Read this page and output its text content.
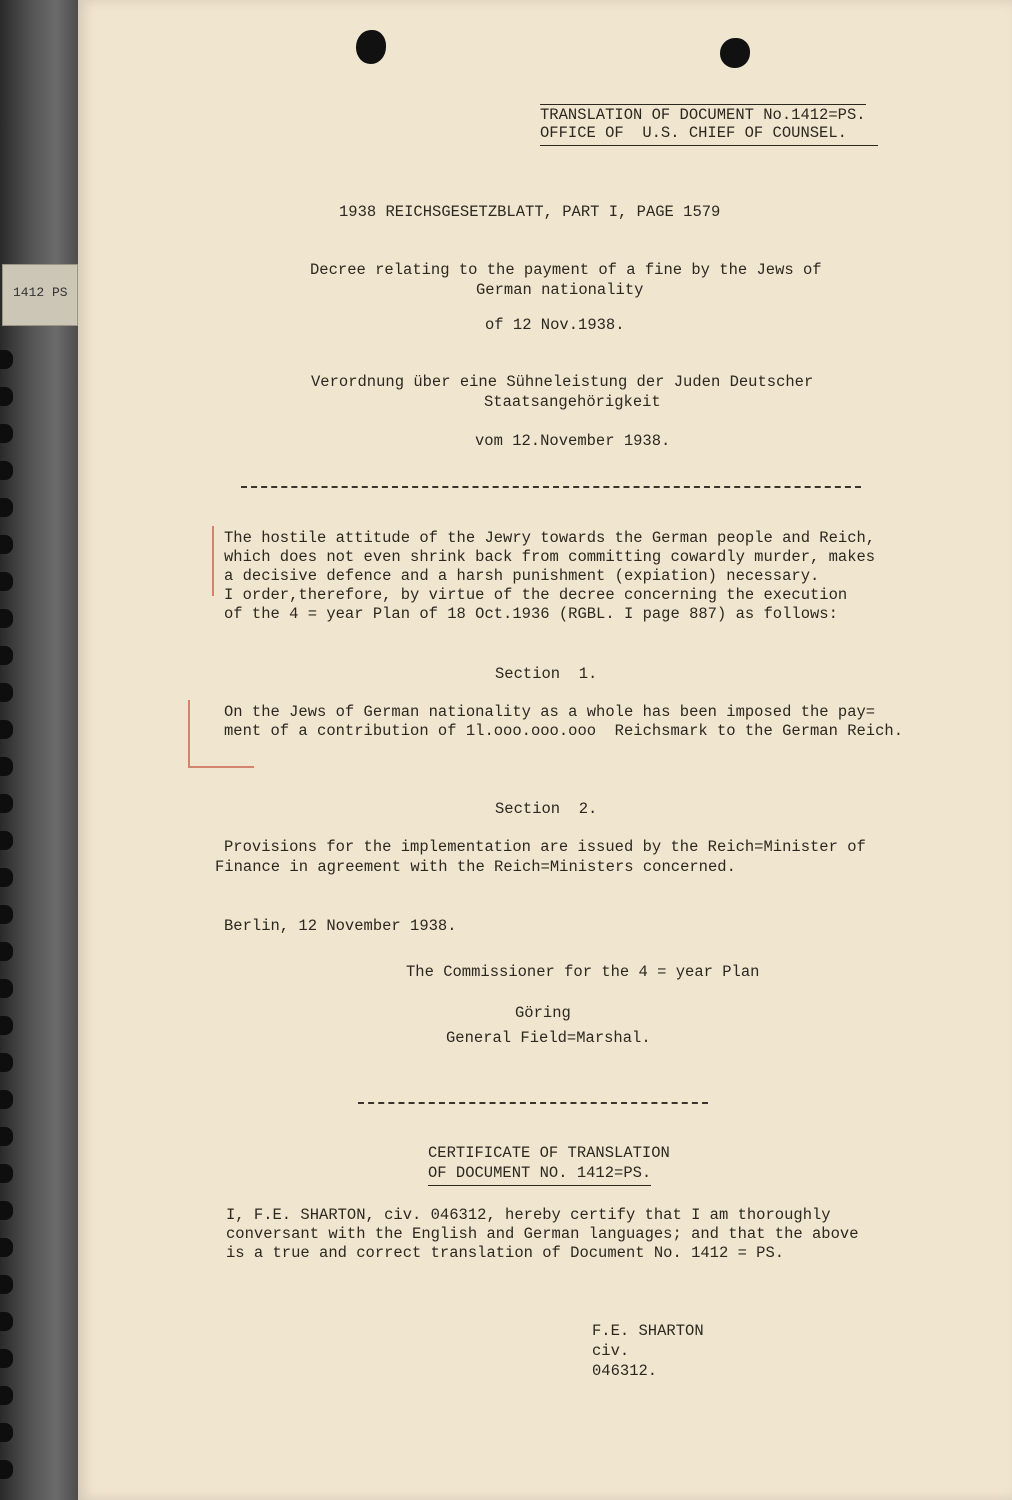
1412 PS
TRANSLATION OF DOCUMENT No.1412=PS.
OFFICE OF  U.S. CHIEF OF COUNSEL.
1938 REICHSGESETZBLATT, PART I, PAGE 1579
Decree relating to the payment of a fine by the Jews of
German nationality
of 12 Nov.1938.
Verordnung über eine Sühneleistung der Juden Deutscher
Staatsangehörigkeit
vom 12.November 1938.
The hostile attitude of the Jewry towards the German people and Reich,
which does not even shrink back from committing cowardly murder, makes
a decisive defence and a harsh punishment (expiation) necessary.
I order,therefore, by virtue of the decree concerning the execution
of the 4 = year Plan of 18 Oct.1936 (RGBL. I page 887) as follows:
Section  1.
On the Jews of German nationality as a whole has been imposed the pay=
ment of a contribution of 1l.ooo.ooo.ooo  Reichsmark to the German Reich.
Section  2.
Provisions for the implementation are issued by the Reich=Minister of
Finance in agreement with the Reich=Ministers concerned.
Berlin, 12 November 1938.
The Commissioner for the 4 = year Plan
Göring
General Field=Marshal.
CERTIFICATE OF TRANSLATION
OF DOCUMENT NO. 1412=PS.
I, F.E. SHARTON, civ. 046312, hereby certify that I am thoroughly
conversant with the English and German languages; and that the above
is a true and correct translation of Document No. 1412 = PS.
F.E. SHARTON
civ.
046312.
